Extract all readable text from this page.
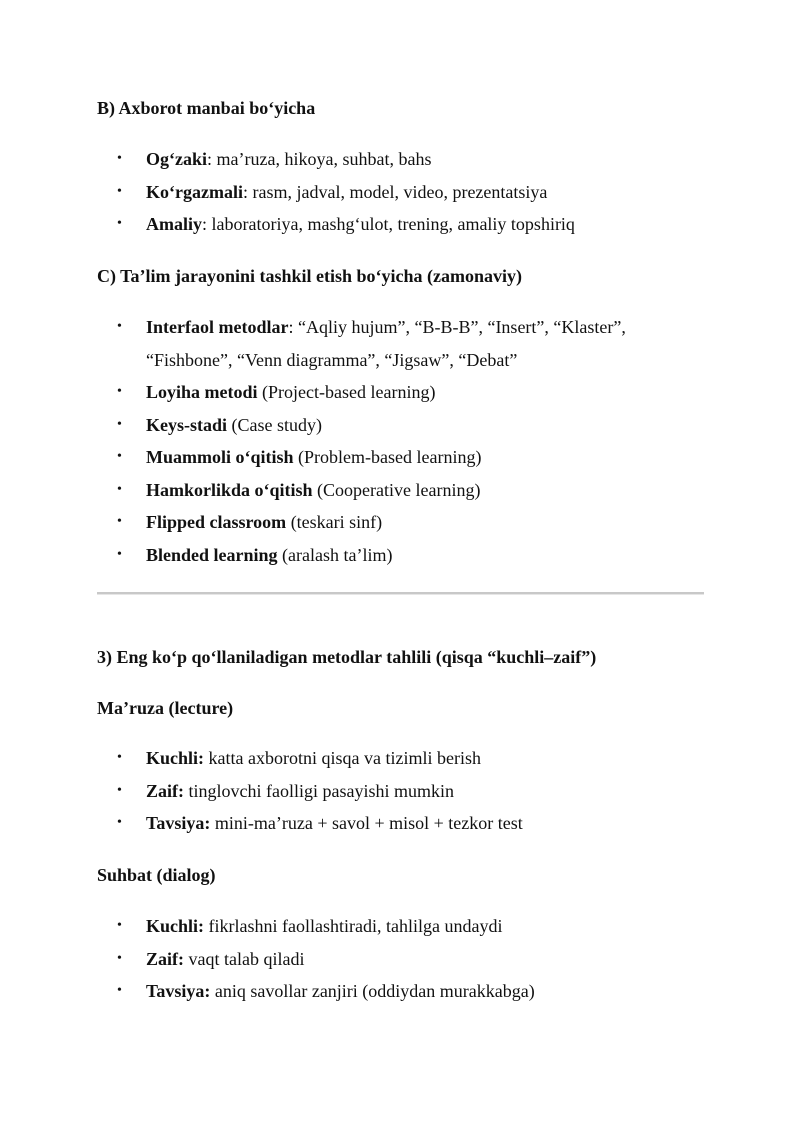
B) Axborot manbai bo‘yicha
• Og‘zaki: ma’ruza, hikoya, suhbat, bahs
• Ko‘rgazmali: rasm, jadval, model, video, prezentatsiya
• Amaliy: laboratoriya, mashg‘ulot, trening, amaliy topshiriq
C) Ta’lim jarayonini tashkil etish bo‘yicha (zamonaviy)
• Interfaol metodlar: “Aqliy hujum”, “B-B-B”, “Insert”, “Klaster”, “Fishbone”, “Venn diagramma”, “Jigsaw”, “Debat”
• Loyiha metodi (Project-based learning)
• Keys-stadi (Case study)
• Muammoli o‘qitish (Problem-based learning)
• Hamkorlikda o‘qitish (Cooperative learning)
• Flipped classroom (teskari sinf)
• Blended learning (aralash ta’lim)
3) Eng ko‘p qo‘llaniladigan metodlar tahlili (qisqa “kuchli–zaif”)
Ma’ruza (lecture)
• Kuchli: katta axborotni qisqa va tizimli berish
• Zaif: tinglovchi faolligi pasayishi mumkin
• Tavsiya: mini-ma’ruza + savol + misol + tezkor test
Suhbat (dialog)
• Kuchli: fikrlashni faollashtiradi, tahlilga undaydi
• Zaif: vaqt talab qiladi
• Tavsiya: aniq savollar zanjiri (oddiydan murakkabga)
